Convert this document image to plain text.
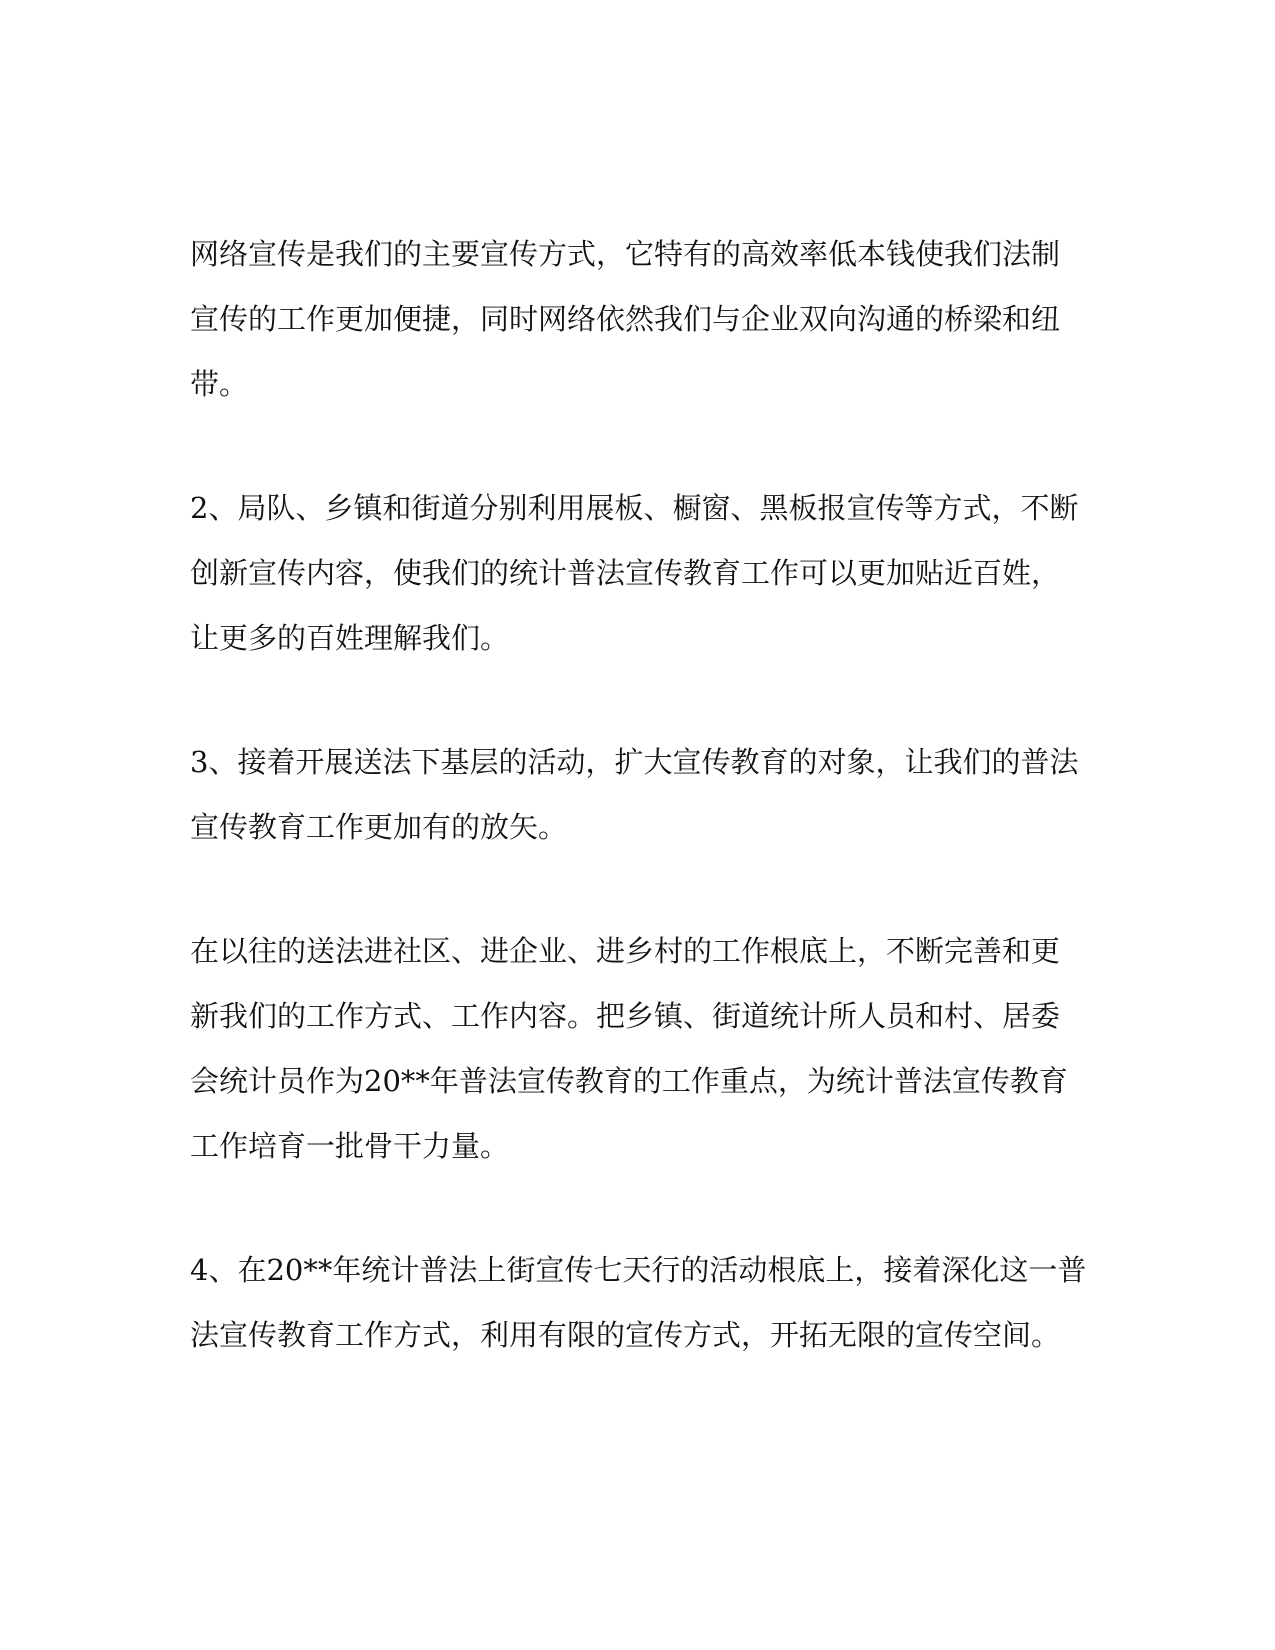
网络宣传是我们的主要宣传方式，它特有的高效率低本钱使我们法制
宣传的工作更加便捷，同时网络依然我们与企业双向沟通的桥梁和纽
带。

2、局队、乡镇和街道分别利用展板、橱窗、黑板报宣传等方式，不断
创新宣传内容，使我们的统计普法宣传教育工作可以更加贴近百姓，
让更多的百姓理解我们。

3、接着开展送法下基层的活动，扩大宣传教育的对象，让我们的普法
宣传教育工作更加有的放矢。

在以往的送法进社区、进企业、进乡村的工作根底上，不断完善和更
新我们的工作方式、工作内容。把乡镇、街道统计所人员和村、居委
会统计员作为20**年普法宣传教育的工作重点，为统计普法宣传教育
工作培育一批骨干力量。

4、在20**年统计普法上街宣传七天行的活动根底上，接着深化这一普
法宣传教育工作方式，利用有限的宣传方式，开拓无限的宣传空间。
